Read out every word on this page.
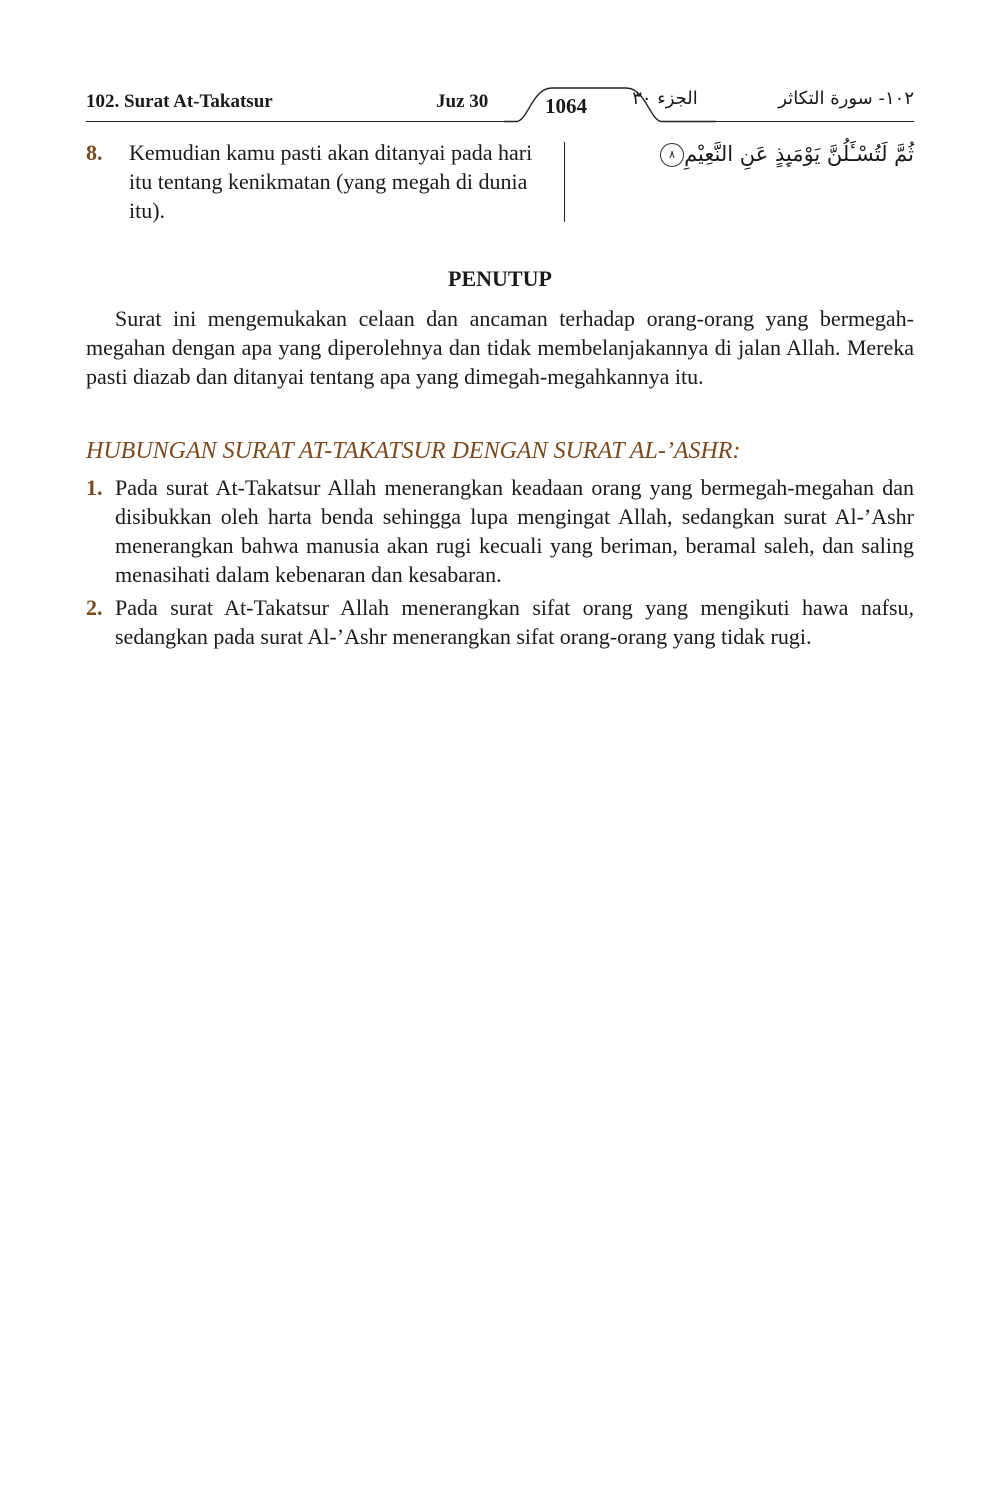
102. Surat At-Takatsur	Juz 30	1064	الجزء ٣٠	١٠٢- سورة التكاثر
8. Kemudian kamu pasti akan ditanyai pada hari itu tentang kenikmatan (yang megah di dunia itu).
ثُمَّ لَتُسْـَٔلُنَّ يَوْمَىِٕذٍ عَنِ النَّعِيْمِ٨
PENUTUP

Surat ini mengemukakan celaan dan ancaman terhadap orang-orang yang bermegah-megahan dengan apa yang diperolehnya dan tidak membelanjakannya di jalan Allah. Mereka pasti diazab dan ditanyai tentang apa yang dimegah-megahkannya itu.

HUBUNGAN SURAT AT-TAKATSUR DENGAN SURAT AL-’ASHR:
1. Pada surat At-Takatsur Allah menerangkan keadaan orang yang bermegah-megahan dan disibukkan oleh harta benda sehingga lupa mengingat Allah, sedangkan surat Al-’Ashr menerangkan bahwa manusia akan rugi kecuali yang beriman, beramal saleh, dan saling menasihati dalam kebenaran dan kesabaran.
2. Pada surat At-Takatsur Allah menerangkan sifat orang yang mengikuti hawa nafsu, sedangkan pada surat Al-’Ashr menerangkan sifat orang-orang yang tidak rugi.
